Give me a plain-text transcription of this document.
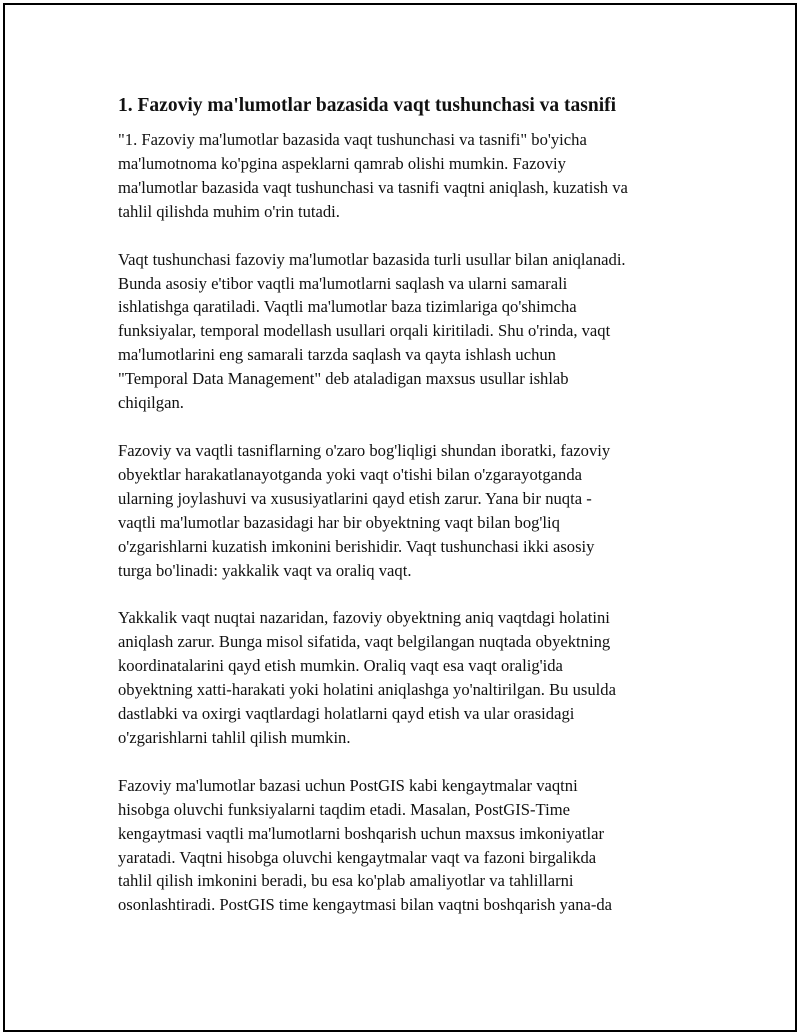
1. Fazoviy ma'lumotlar bazasida vaqt tushunchasi va tasnifi

"1. Fazoviy ma'lumotlar bazasida vaqt tushunchasi va tasnifi" bo'yicha
ma'lumotnoma ko'pgina aspeklarni qamrab olishi mumkin. Fazoviy
ma'lumotlar bazasida vaqt tushunchasi va tasnifi vaqtni aniqlash, kuzatish va
tahlil qilishda muhim o'rin tutadi.

Vaqt tushunchasi fazoviy ma'lumotlar bazasida turli usullar bilan aniqlanadi.
Bunda asosiy e'tibor vaqtli ma'lumotlarni saqlash va ularni samarali
ishlatishga qaratiladi. Vaqtli ma'lumotlar baza tizimlariga qo'shimcha
funksiyalar, temporal modellash usullari orqali kiritiladi. Shu o'rinda, vaqt
ma'lumotlarini eng samarali tarzda saqlash va qayta ishlash uchun
"Temporal Data Management" deb ataladigan maxsus usullar ishlab
chiqilgan.

Fazoviy va vaqtli tasniflarning o'zaro bog'liqligi shundan iboratki, fazoviy
obyektlar harakatlanayotganda yoki vaqt o'tishi bilan o'zgarayotganda
ularning joylashuvi va xususiyatlarini qayd etish zarur. Yana bir nuqta -
vaqtli ma'lumotlar bazasidagi har bir obyektning vaqt bilan bog'liq
o'zgarishlarni kuzatish imkonini berishidir. Vaqt tushunchasi ikki asosiy
turga bo'linadi: yakkalik vaqt va oraliq vaqt.

Yakkalik vaqt nuqtai nazaridan, fazoviy obyektning aniq vaqtdagi holatini
aniqlash zarur. Bunga misol sifatida, vaqt belgilangan nuqtada obyektning
koordinatalarini qayd etish mumkin. Oraliq vaqt esa vaqt oralig'ida
obyektning xatti-harakati yoki holatini aniqlashga yo'naltirilgan. Bu usulda
dastlabki va oxirgi vaqtlardagi holatlarni qayd etish va ular orasidagi
o'zgarishlarni tahlil qilish mumkin.

Fazoviy ma'lumotlar bazasi uchun PostGIS kabi kengaytmalar vaqtni
hisobga oluvchi funksiyalarni taqdim etadi. Masalan, PostGIS-Time
kengaytmasi vaqtli ma'lumotlarni boshqarish uchun maxsus imkoniyatlar
yaratadi. Vaqtni hisobga oluvchi kengaytmalar vaqt va fazoni birgalikda
tahlil qilish imkonini beradi, bu esa ko'plab amaliyotlar va tahlillarni
osonlashtiradi. PostGIS time kengaytmasi bilan vaqtni boshqarish yana-da
